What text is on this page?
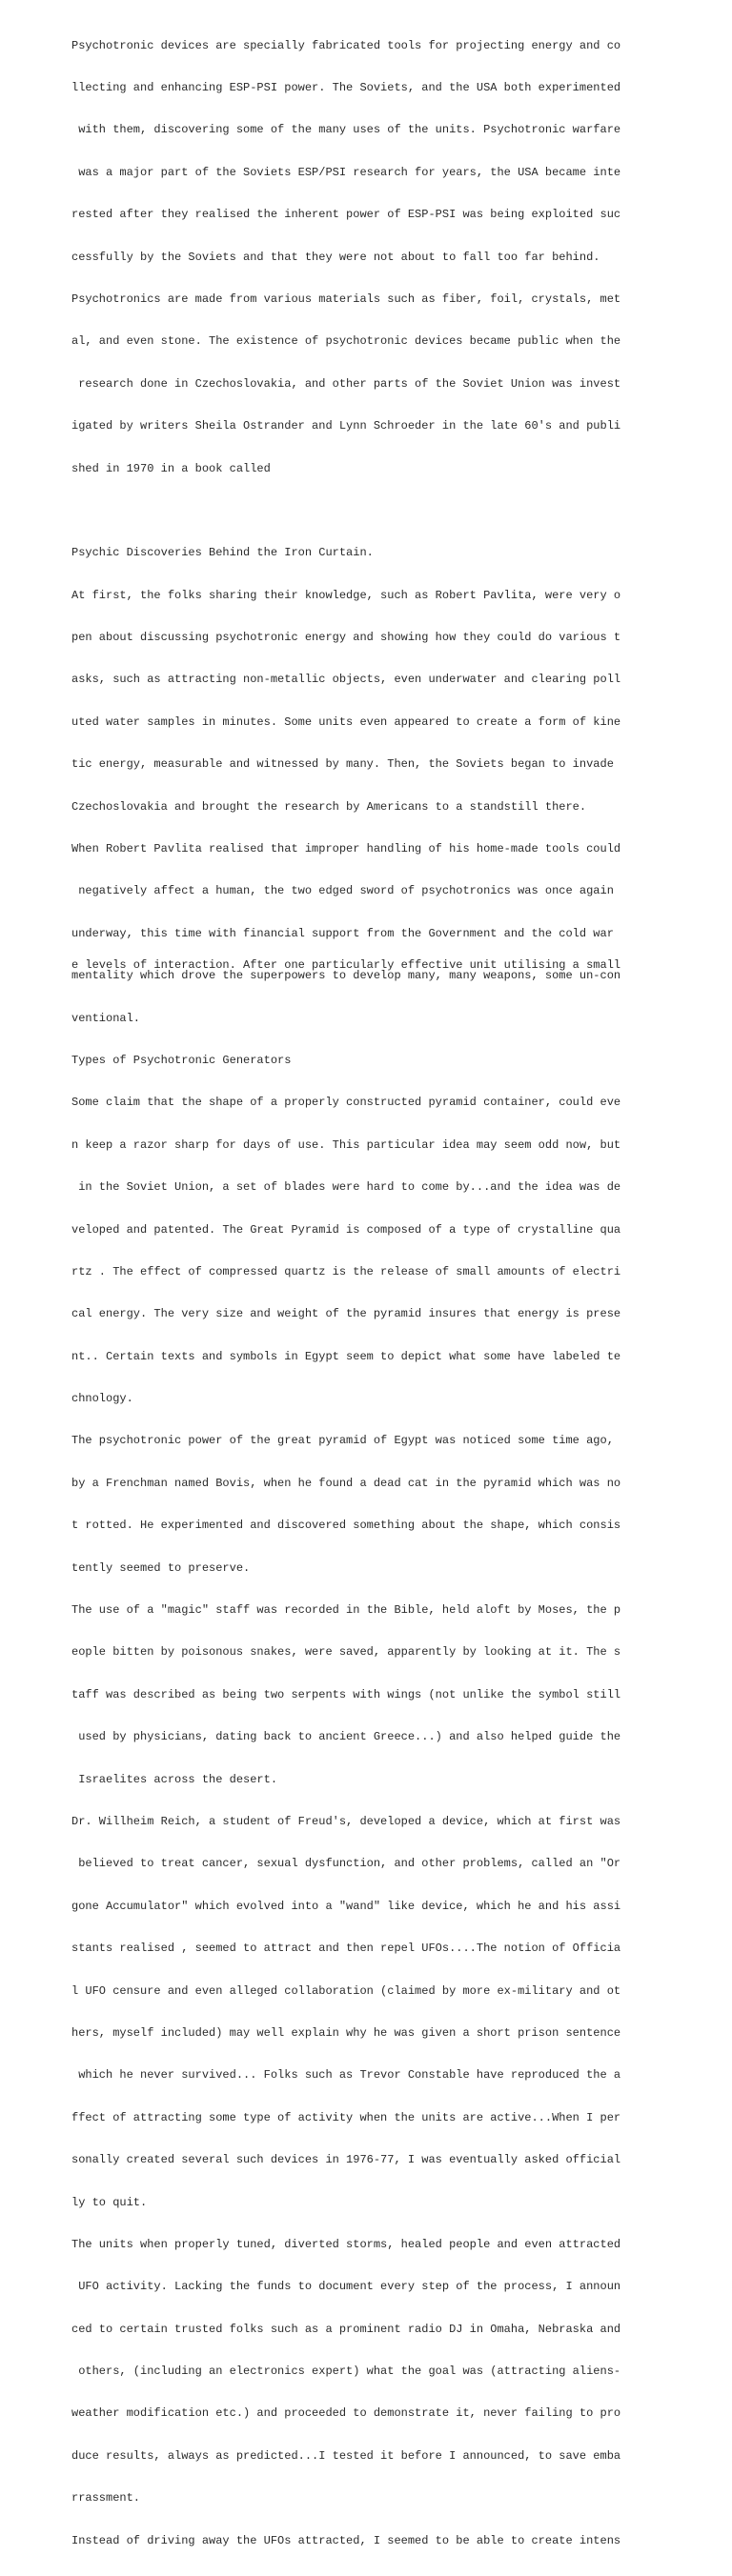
Psychotronic devices are specially fabricated tools for projecting energy and co

llecting and enhancing ESP-PSI power. The Soviets, and the USA both experimented

with them, discovering some of the many uses of the units. Psychotronic warfare

was a major part of the Soviets ESP/PSI research for years, the USA became inte

rested after they realised the inherent power of ESP-PSI was being exploited suc

cessfully by the Soviets and that they were not about to fall too far behind.

Psychotronics are made from various materials such as fiber, foil, crystals, met

al, and even stone. The existence of psychotronic devices became public when the

research done in Czechoslovakia, and other parts of the Soviet Union was invest

igated by writers Sheila Ostrander and Lynn Schroeder in the late 60's and publi

shed in 1970 in a book called

Psychic Discoveries Behind the Iron Curtain.

At first, the folks sharing their knowledge, such as Robert Pavlita, were very o

pen about discussing psychotronic energy and showing how they could do various t

asks, such as attracting non-metallic objects, even underwater and clearing poll

uted water samples in minutes. Some units even appeared to create a form of kine

tic energy, measurable and witnessed by many. Then, the Soviets began to invade

Czechoslovakia and brought the research by Americans to a standstill there.

When Robert Pavlita realised that improper handling of his home-made tools could

negatively affect a human, the two edged sword of psychotronics was once again

underway, this time with financial support from the Government and the cold war

mentality which drove the superpowers to develop many, many weapons, some un-con

ventional.

Types of Psychotronic Generators

Some claim that the shape of a properly constructed pyramid container, could eve

n keep a razor sharp for days of use. This particular idea may seem odd now, but

in the Soviet Union, a set of blades were hard to come by...and the idea was de

veloped and patented. The Great Pyramid is composed of a type of crystalline qua

rtz . The effect of compressed quartz is the release of small amounts of electri

cal energy. The very size and weight of the pyramid insures that energy is prese

nt.. Certain texts and symbols in Egypt seem to depict what some have labeled te

chnology.

The psychotronic power of the great pyramid of Egypt was noticed some time ago,

by a Frenchman named Bovis, when he found a dead cat in the pyramid which was no

t rotted. He experimented and discovered something about the shape, which consis

tently seemed to preserve.

The use of a "magic" staff was recorded in the Bible, held aloft by Moses, the p

eople bitten by poisonous snakes, were saved, apparently by looking at it. The s

taff was described as being two serpents with wings (not unlike the symbol still

used by physicians, dating back to ancient Greece...) and also helped guide the

Israelites across the desert.

Dr. Willheim Reich, a student of Freud's, developed a device, which at first was

believed to treat cancer, sexual dysfunction, and other problems, called an "Or

gone Accumulator" which evolved into a "wand" like device, which he and his assi

stants realised , seemed to attract and then repel UFOs....The notion of Officia

l UFO censure and even alleged collaboration (claimed by more ex-military and ot

hers, myself included) may well explain why he was given a short prison sentence

which he never survived... Folks such as Trevor Constable have reproduced the a

ffect of attracting some type of activity when the units are active...When I per

sonally created several such devices in 1976-77, I was eventually asked official

ly to quit.

The units when properly tuned, diverted storms, healed people and even attracted

UFO activity. Lacking the funds to document every step of the process, I announ

ced to certain trusted folks such as a prominent radio DJ in Omaha, Nebraska and

others, (including an electronics expert) what the goal was (attracting aliens-

weather modification etc.) and proceeded to demonstrate it, never failing to pro

duce results, always as predicted...I tested it before I announced, to save emba

rrassment.

Instead of driving away the UFOs attracted, I seemed to be able to create intens

e levels of interaction. After one particularly effective unit utilising a small
